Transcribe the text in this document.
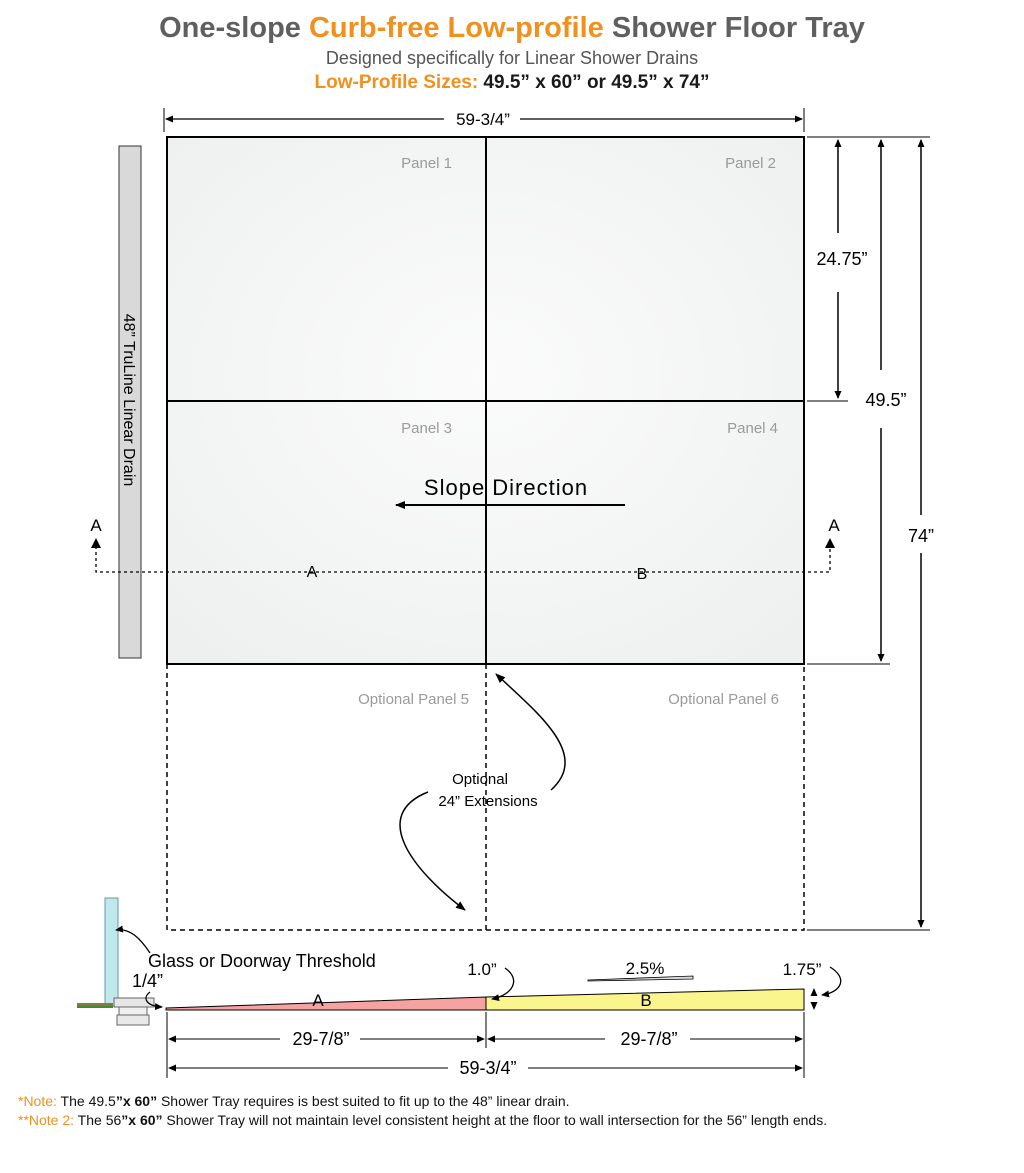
One-slope Curb-free Low-profile Shower Floor Tray
Designed specifically for Linear Shower Drains
Low-Profile Sizes: 49.5” x 60” or 49.5” x 74”
59-3/4”
48” TruLine Linear Drain
Panel 1	Panel 2
Panel 3	Panel 4
Slope Direction
A	A
A	B
Optional Panel 5	Optional Panel 6
Optional
24” Extensions
24.75”
49.5”
74”
A	B
Glass or Doorway Threshold
1/4”
1.0”	2.5%	1.75”
29-7/8”	29-7/8”
59-3/4”
*Note: The 49.5”x 60” Shower Tray requires is best suited to fit up to the 48” linear drain.
**Note 2: The 56”x 60” Shower Tray will not maintain level consistent height at the floor to wall intersection for the 56” length ends.
